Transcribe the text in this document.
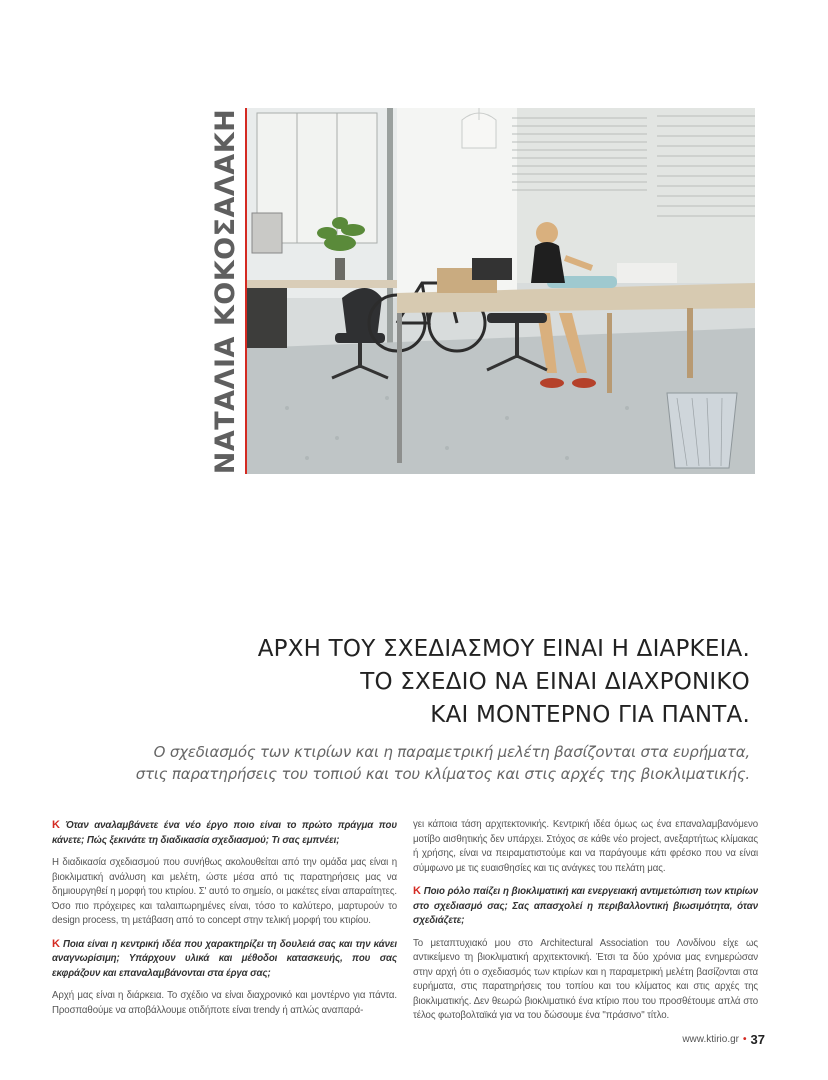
ΝΑΤΑΛΙΑ ΚΟΚΟΣΑΛΑΚΗ
ΑΡΧΗ ΤΟΥ ΣΧΕΔΙΑΣΜΟΥ ΕΙΝΑΙ Η ΔΙΑΡΚΕΙΑ.
ΤΟ ΣΧΕΔΙΟ ΝΑ ΕΙΝΑΙ ΔΙΑΧΡΟΝΙΚΟ
ΚΑΙ ΜΟΝΤΕΡΝΟ ΓΙΑ ΠΑΝΤΑ.
Ο σχεδιασμός των κτιρίων και η παραμετρική μελέτη βασίζονται στα ευρήματα,
στις παρατηρήσεις του τοπιού και του κλίματος και στις αρχές της βιοκλιματικής.

Κ Όταν αναλαμβάνετε ένα νέο έργο ποιο είναι το πρώτο πράγμα που κάνετε; Πώς ξεκινάτε τη διαδικασία σχεδιασμού; Τι σας εμπνέει;

Η διαδικασία σχεδιασμού που συνήθως ακολουθείται από την ομάδα μας είναι η βιοκλιματική ανάλυση και μελέτη, ώστε μέσα από τις παρατηρήσεις μας να δημιουργηθεί η μορφή του κτιρίου. Σ' αυτό το σημείο, οι μακέτες είναι απαραίτητες. Όσο πιο πρόχειρες και ταλαιπωρημένες είναι, τόσο το καλύτερο, μαρτυρούν το design process, τη μετάβαση από το concept στην τελική μορφή του κτιρίου.

Κ Ποια είναι η κεντρική ιδέα που χαρακτηρίζει τη δουλειά σας και την κάνει αναγνωρίσιμη; Υπάρχουν υλικά και μέθοδοι κατασκευής, που σας εκφράζουν και επαναλαμβάνονται στα έργα σας;

Αρχή μας είναι η διάρκεια. Το σχέδιο να είναι διαχρονικό και μοντέρνο για πάντα. Προσπαθούμε να αποβάλλουμε οτιδήποτε είναι trendy ή απλώς αναπαρά-

γει κάποια τάση αρχιτεκτονικής. Κεντρική ιδέα όμως ως ένα επαναλαμβανόμενο μοτίβο αισθητικής δεν υπάρχει. Στόχος σε κάθε νέο project, ανεξαρτήτως κλίμακας ή χρήσης, είναι να πειραματιστούμε και να παράγουμε κάτι φρέσκο που να είναι σύμφωνο με τις ευαισθησίες και τις ανάγκες του πελάτη μας.

Κ Ποιο ρόλο παίζει η βιοκλιματική και ενεργειακή αντιμετώπιση των κτιρίων στο σχεδιασμό σας; Σας απασχολεί η περιβαλλοντική βιωσιμότητα, όταν σχεδιάζετε;

Το μεταπτυχιακό μου στο Architectural Association του Λονδίνου είχε ως αντικείμενο τη βιοκλιματική αρχιτεκτονική. Έτσι τα δύο χρόνια μας ενημερώσαν στην αρχή ότι ο σχεδιασμός των κτιρίων και η παραμετρική μελέτη βασίζονται στα ευρήματα, στις παρατηρήσεις του τοπίου και του κλίματος και στις αρχές της βιοκλιματικής. Δεν θεωρώ βιοκλιματικό ένα κτίριο που του προσθέτουμε απλά στο τέλος φωτοβολταϊκά για να του δώσουμε ένα "πράσινο" τίτλο.

www.ktirio.gr • 37
